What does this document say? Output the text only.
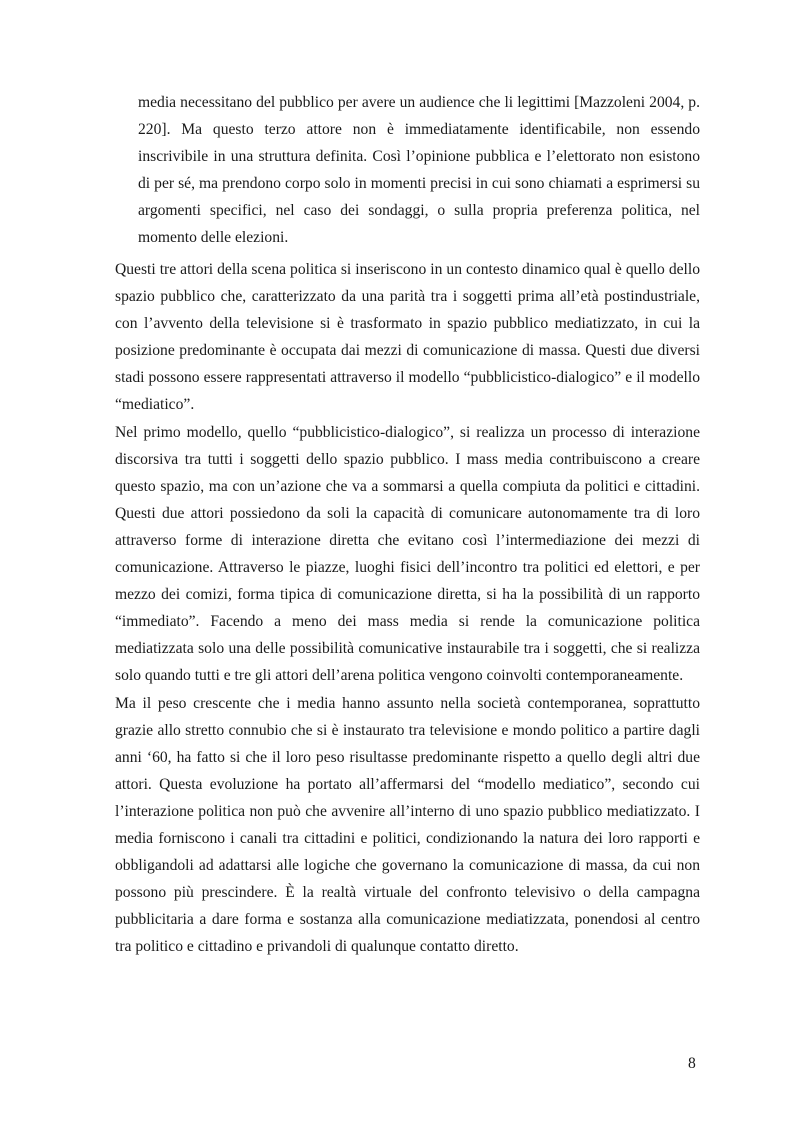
media necessitano del pubblico per avere un audience che li legittimi [Mazzoleni 2004, p. 220]. Ma questo terzo attore non è immediatamente identificabile, non essendo inscrivibile in una struttura definita. Così l’opinione pubblica e l’elettorato non esistono di per sé, ma prendono corpo solo in momenti precisi in cui sono chiamati a esprimersi su argomenti specifici, nel caso dei sondaggi, o sulla propria preferenza politica, nel momento delle elezioni.

Questi tre attori della scena politica si inseriscono in un contesto dinamico qual è quello dello spazio pubblico che, caratterizzato da una parità tra i soggetti prima all’età postindustriale, con l’avvento della televisione si è trasformato in spazio pubblico mediatizzato, in cui la posizione predominante è occupata dai mezzi di comunicazione di massa. Questi due diversi stadi possono essere rappresentati attraverso il modello “pubblicistico-dialogico” e il modello “mediatico”.

Nel primo modello, quello “pubblicistico-dialogico”, si realizza un processo di interazione discorsiva tra tutti i soggetti dello spazio pubblico. I mass media contribuiscono a creare questo spazio, ma con un’azione che va a sommarsi a quella compiuta da politici e cittadini. Questi due attori possiedono da soli la capacità di comunicare autonomamente tra di loro attraverso forme di interazione diretta che evitano così l’intermediazione dei mezzi di comunicazione. Attraverso le piazze, luoghi fisici dell’incontro tra politici ed elettori, e per mezzo dei comizi, forma tipica di comunicazione diretta, si ha la possibilità di un rapporto “immediato”. Facendo a meno dei mass media si rende la comunicazione politica mediatizzata solo una delle possibilità comunicative instaurabile tra i soggetti, che si realizza solo quando tutti e tre gli attori dell’arena politica vengono coinvolti contemporaneamente.

Ma il peso crescente che i media hanno assunto nella società contemporanea, soprattutto grazie allo stretto connubio che si è instaurato tra televisione e mondo politico a partire dagli anni ‘60, ha fatto si che il loro peso risultasse predominante rispetto a quello degli altri due attori. Questa evoluzione ha portato all’affermarsi del “modello mediatico”, secondo cui l’interazione politica non può che avvenire all’interno di uno spazio pubblico mediatizzato. I media forniscono i canali tra cittadini e politici, condizionando la natura dei loro rapporti e obbligandoli ad adattarsi alle logiche che governano la comunicazione di massa, da cui non possono più prescindere. È la realtà virtuale del confronto televisivo o della campagna pubblicitaria a dare forma e sostanza alla comunicazione mediatizzata, ponendosi al centro tra politico e cittadino e privandoli di qualunque contatto diretto.

8
